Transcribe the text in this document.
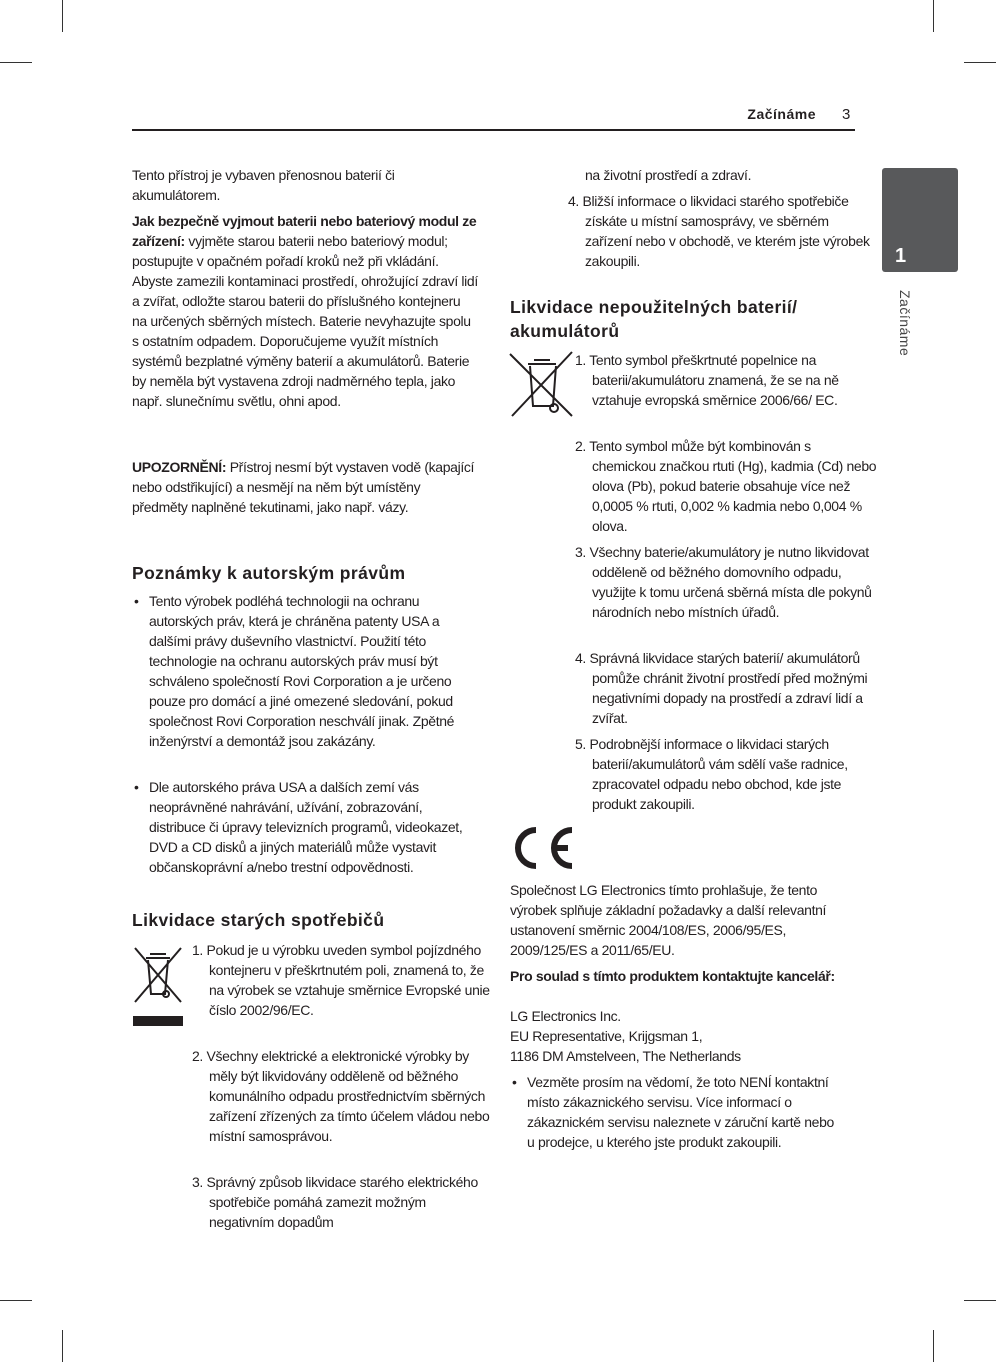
Začínáme 3
1
Začínáme

Tento přístroj je vybaven přenosnou baterií či akumulátorem.

Jak bezpečně vyjmout baterii nebo bateriový modul ze zařízení: vyjměte starou baterii nebo bateriový modul; postupujte v opačném pořadí kroků než při vkládání. Abyste zamezili kontaminaci prostředí, ohrožující zdraví lidí a zvířat, odložte starou baterii do příslušného kontejneru na určených sběrných místech. Baterie nevyhazujte spolu s ostatním odpadem. Doporučujeme využít místních systémů bezplatné výměny baterií a akumulátorů. Baterie by neměla být vystavena zdroji nadměrného tepla, jako např. slunečnímu světlu, ohni apod.

UPOZORNĚNÍ: Přístroj nesmí být vystaven vodě (kapající nebo odstřikující) a nesmějí na něm být umístěny předměty naplněné tekutinami, jako např. vázy.

Poznámky k autorským právům
• Tento výrobek podléhá technologii na ochranu autorských práv, která je chráněna patenty USA a dalšími právy duševního vlastnictví. Použití této technologie na ochranu autorských práv musí být schváleno společností Rovi Corporation a je určeno pouze pro domácí a jiné omezené sledování, pokud společnost Rovi Corporation neschválí jinak. Zpětné inženýrství a demontáž jsou zakázány.
• Dle autorského práva USA a dalších zemí vás neoprávněné nahrávání, užívání, zobrazování, distribuce či úpravy televizních programů, videokazet, DVD a CD disků a jiných materiálů může vystavit občanskoprávní a/nebo trestní odpovědnosti.
Likvidace starých spotřebičů

1. Pokud je u výrobku uveden symbol pojízdného kontejneru v přeškrtnutém poli, znamená to, že na výrobek se vztahuje směrnice Evropské unie číslo 2002/96/EC.

2. Všechny elektrické a elektronické výrobky by měly být likvidovány odděleně od běžného komunálního odpadu prostřednictvím sběrných zařízení zřízených za tímto účelem vládou nebo místní samosprávou.

3. Správný způsob likvidace starého elektrického spotřebiče pomáhá zamezit možným negativním dopadům

na životní prostředí a zdraví.

4. Bližší informace o likvidaci starého spotřebiče získáte u místní samosprávy, ve sběrném zařízení nebo v obchodě, ve kterém jste výrobek zakoupili.

Likvidace nepoužitelných baterií/ akumulátorů

1. Tento symbol přeškrtnuté popelnice na baterii/akumulátoru znamená, že se na ně vztahuje evropská směrnice 2006/66/ EC.

2. Tento symbol může být kombinován s chemickou značkou rtuti (Hg), kadmia (Cd) nebo olova (Pb), pokud baterie obsahuje více než 0,0005 % rtuti, 0,002 % kadmia nebo 0,004 % olova.

3. Všechny baterie/akumulátory je nutno likvidovat odděleně od běžného domovního odpadu, využijte k tomu určená sběrná místa dle pokynů národních nebo místních úřadů.

4. Správná likvidace starých baterií/ akumulátorů pomůže chránit životní prostředí před možnými negativními dopady na prostředí a zdraví lidí a zvířat.

5. Podrobnější informace o likvidaci starých baterií/akumulátorů vám sdělí vaše radnice, zpracovatel odpadu nebo obchod, kde jste produkt zakoupili.

Společnost LG Electronics tímto prohlašuje, že tento výrobek splňuje základní požadavky a další relevantní ustanovení směrnic 2004/108/ES, 2006/95/ES, 2009/125/ES a 2011/65/EU.

Pro soulad s tímto produktem kontaktujte kancelář:

LG Electronics Inc.
EU Representative, Krijgsman 1,
1186 DM Amstelveen, The Netherlands
• Vezměte prosím na vědomí, že toto NENÍ kontaktní místo zákaznického servisu. Více informací o zákaznickém servisu naleznete v záruční kartě nebo u prodejce, u kterého jste produkt zakoupili.
